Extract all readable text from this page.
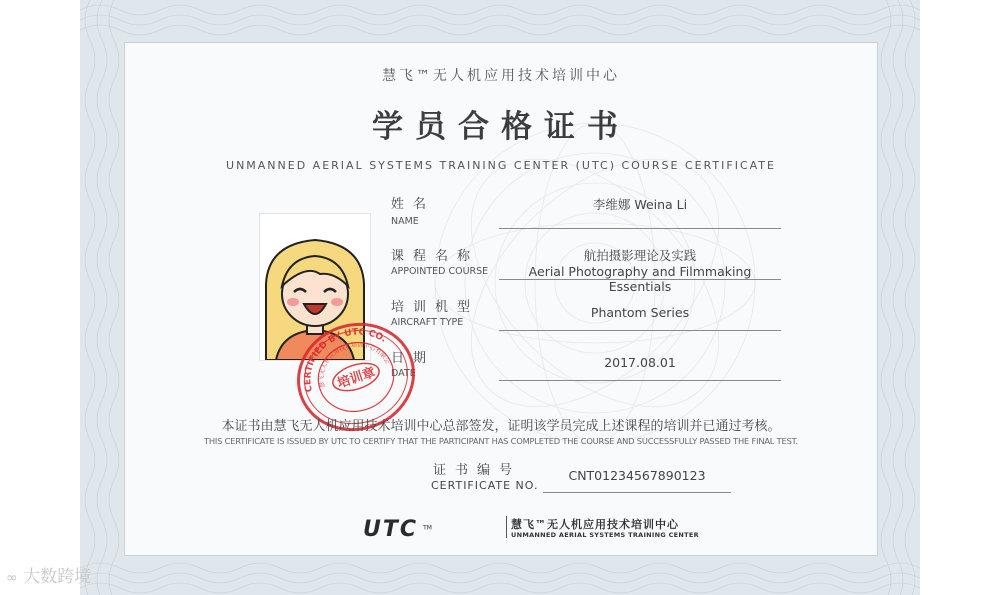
慧飞™无人机应用技术培训中心
学员合格证书
UNMANNED AERIAL SYSTEMS TRAINING CENTER (UTC) COURSE CERTIFICATE
姓名
NAME
李维娜 Weina Li
课程名称
APPOINTED COURSE
航拍摄影理论及实践
Aerial Photography and Filmmaking Essentials
培训机型
AIRCRAFT TYPE
Phantom Series
日期
DATE
2017.08.01
CERTIFIED BY UTC CO.
慧飞无人机应用技术培训中心有限公司
培训章
本证书由慧飞无人机应用技术培训中心总部签发，证明该学员完成上述课程的培训并已通过考核。
THIS CERTIFICATE IS ISSUED BY UTC TO CERTIFY THAT THE PARTICIPANT HAS COMPLETED THE COURSE AND SUCCESSFULLY PASSED THE FINAL TEST.
证书编号
CERTIFICATE NO.
CNT01234567890123
UTC ™	慧飞™无人机应用技术培训中心
UNMANNED AERIAL SYSTEMS TRAINING CENTER
∞ 大数跨境
